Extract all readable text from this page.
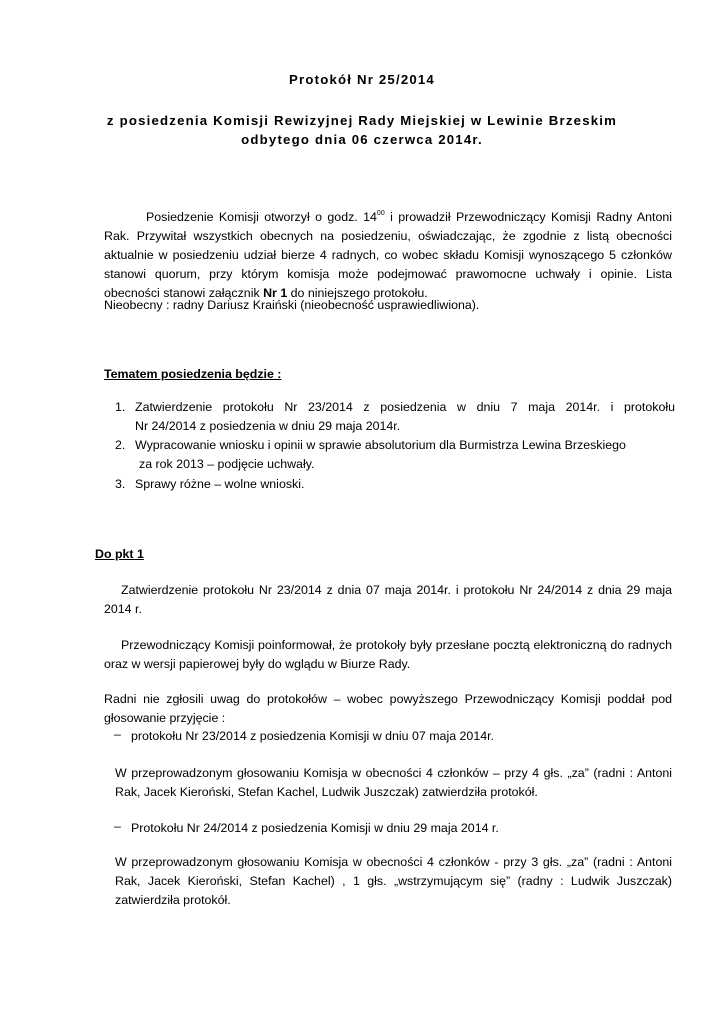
Protokół Nr 25/2014
z posiedzenia Komisji Rewizyjnej Rady Miejskiej w Lewinie Brzeskim
odbytego dnia 06 czerwca 2014r.
Posiedzenie Komisji otworzył o godz. $14^{00}$ i prowadził Przewodniczący Komisji Radny Antoni Rak. Przywitał wszystkich obecnych na posiedzeniu, oświadczając, że zgodnie z listą obecności aktualnie w posiedzeniu udział bierze 4 radnych, co wobec składu Komisji wynoszącego 5 członków stanowi quorum, przy którym komisja może podejmować prawomocne uchwały i opinie. Lista obecności stanowi załącznik Nr 1 do niniejszego protokołu.
Nieobecny : radny Dariusz Kraiński (nieobecność usprawiedliwiona).
Tematem posiedzenia będzie :
1. Zatwierdzenie protokołu Nr 23/2014 z posiedzenia w dniu 7 maja 2014r. i protokołu
Nr 24/2014 z posiedzenia w dniu 29 maja 2014r.
2. Wypracowanie wniosku i opinii w sprawie absolutorium dla Burmistrza Lewina Brzeskiego
za rok 2013 – podjęcie uchwały.
3. Sprawy różne – wolne wnioski.
Do pkt 1
Zatwierdzenie protokołu Nr 23/2014 z dnia 07 maja 2014r. i protokołu Nr 24/2014 z dnia 29 maja 2014 r.
Przewodniczący Komisji poinformował, że protokoły były przesłane pocztą elektroniczną do radnych oraz w wersji papierowej były do wglądu w Biurze Rady.
Radni nie zgłosili uwag do protokołów – wobec powyższego Przewodniczący Komisji poddał pod głosowanie przyjęcie :
– protokołu Nr 23/2014 z posiedzenia Komisji w dniu 07 maja 2014r.
W przeprowadzonym głosowaniu Komisja w obecności 4 członków – przy 4 głs. „za” (radni : Antoni Rak, Jacek Kieroński, Stefan Kachel, Ludwik Juszczak) zatwierdziła protokół.
– Protokołu Nr 24/2014 z posiedzenia Komisji w dniu 29 maja 2014 r.
W przeprowadzonym głosowaniu Komisja w obecności 4 członków - przy 3 głs. „za” (radni : Antoni Rak, Jacek Kieroński, Stefan Kachel) , 1 głs. „wstrzymującym się” (radny : Ludwik Juszczak) zatwierdziła protokół.
